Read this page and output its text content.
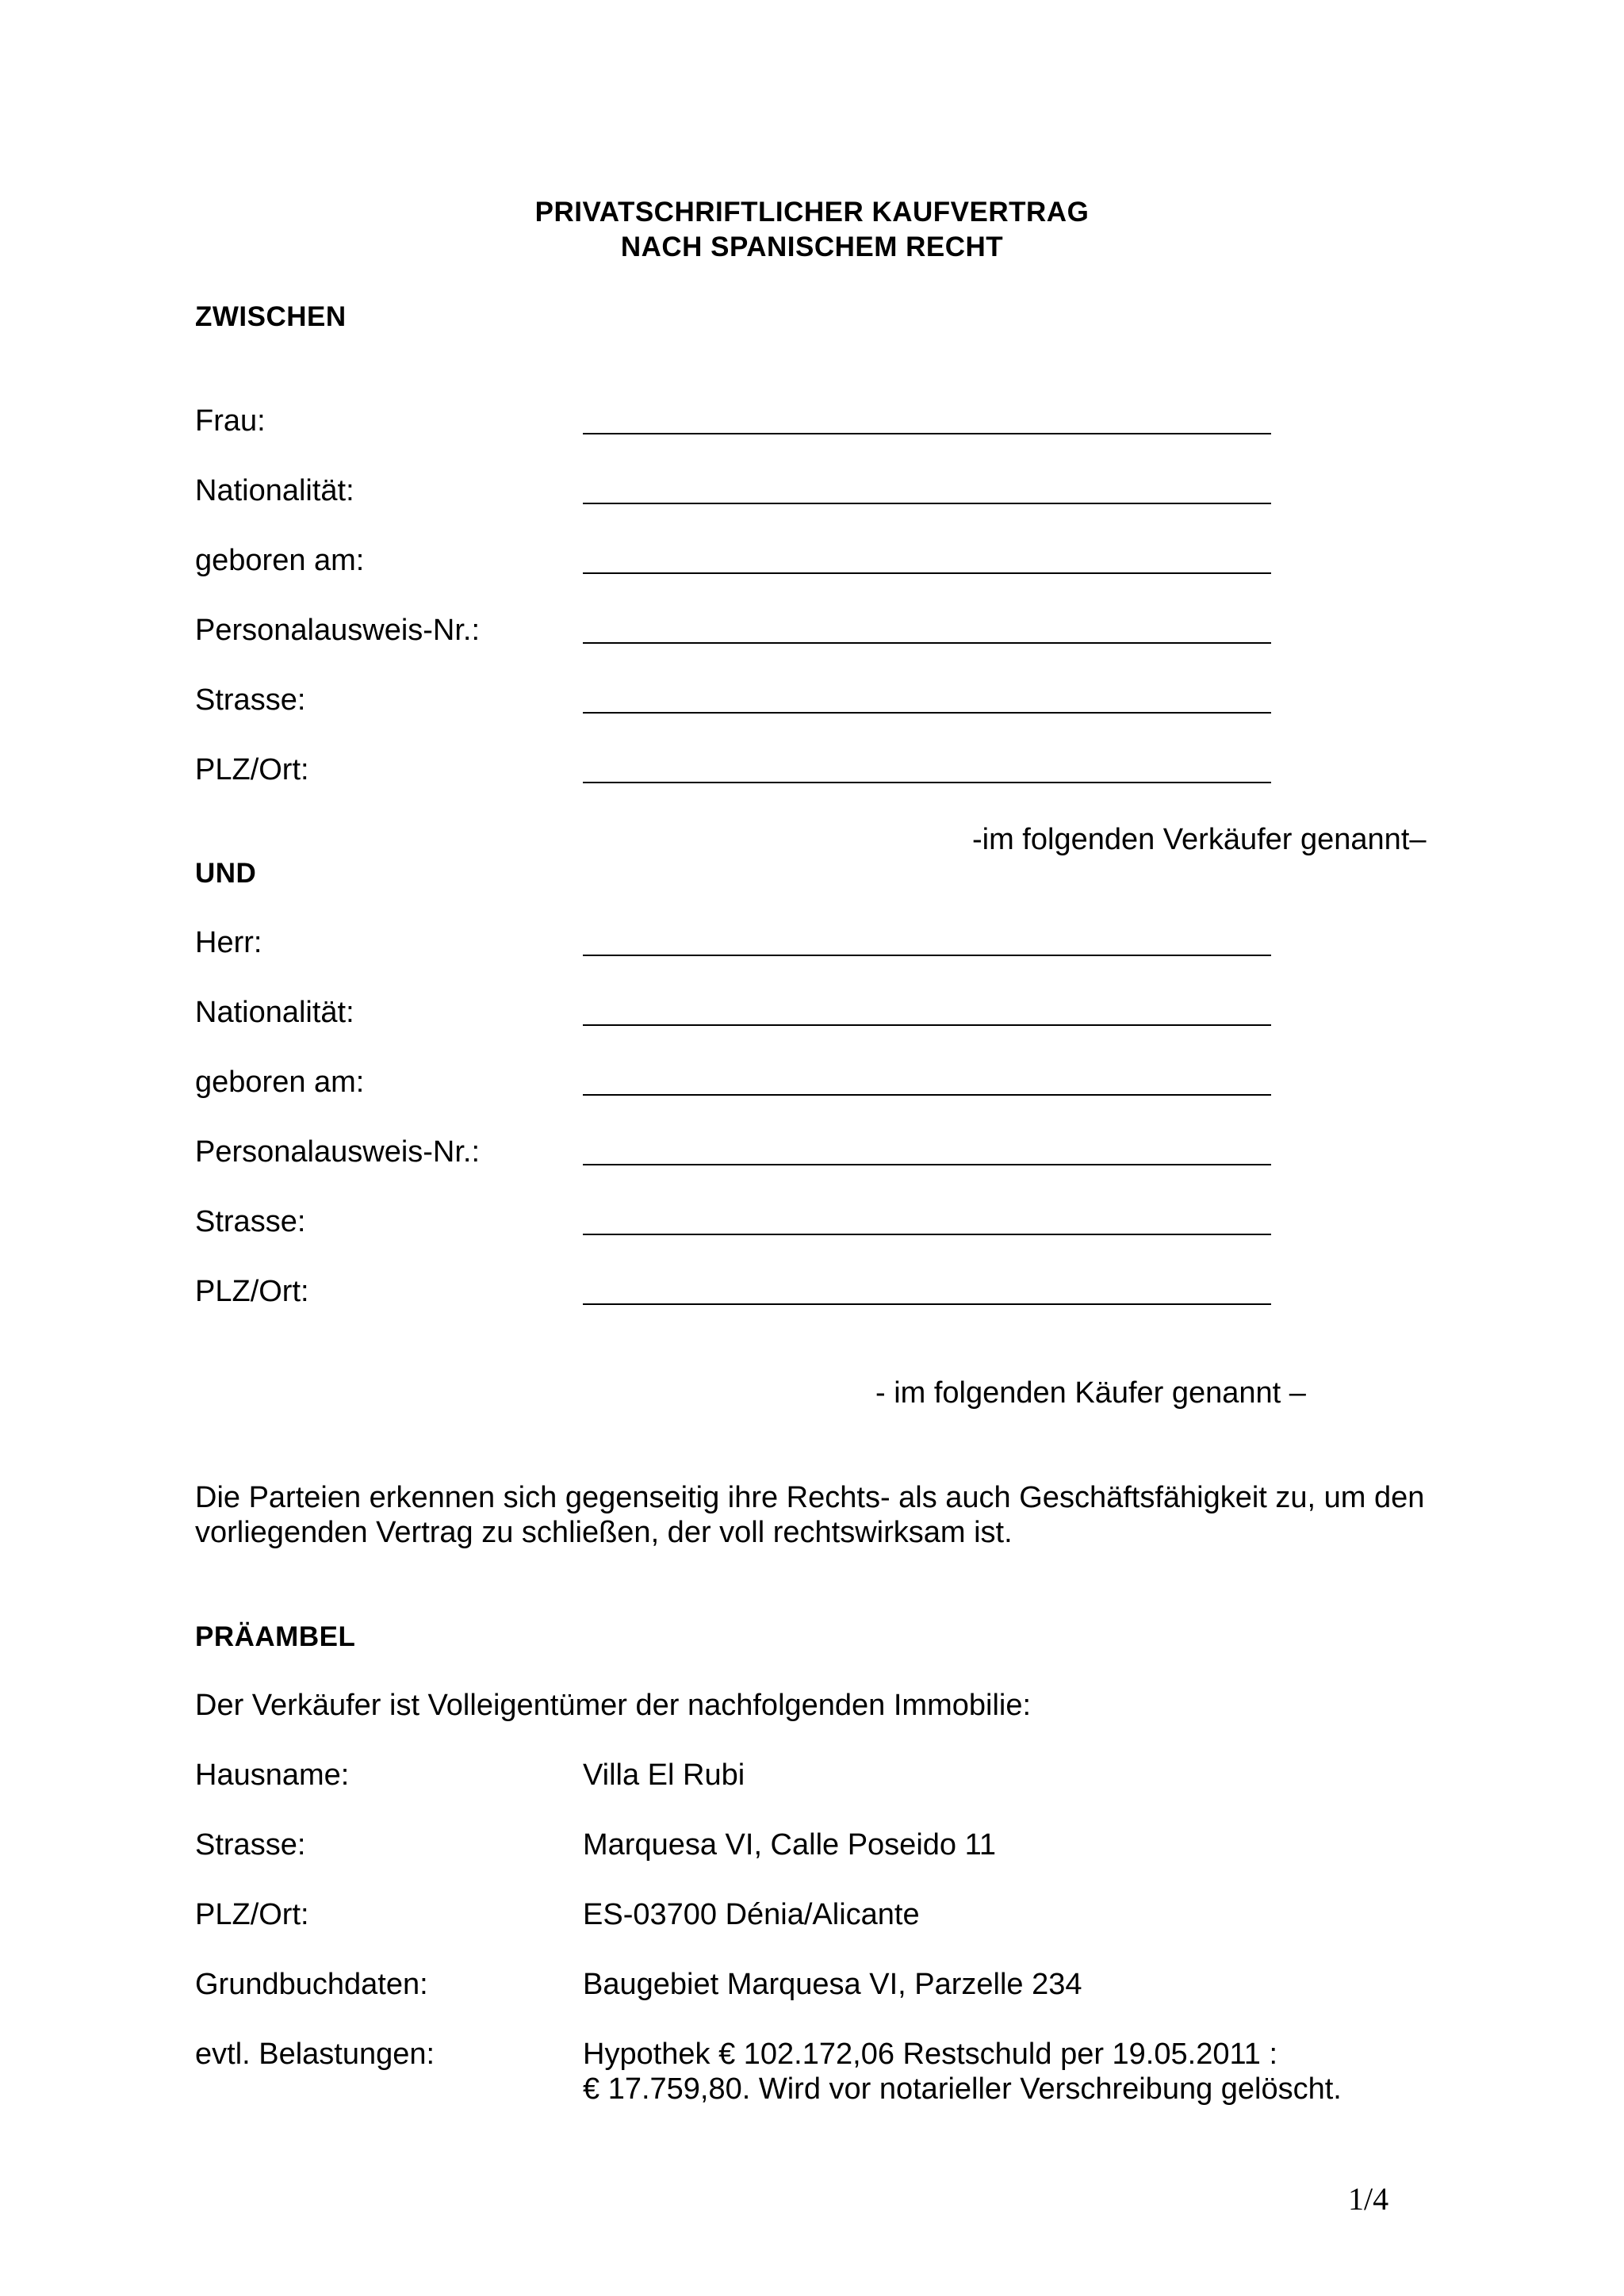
PRIVATSCHRIFTLICHER KAUFVERTRAG
NACH SPANISCHEM RECHT
ZWISCHEN
Frau:
Nationalität:
geboren am:
Personalausweis-Nr.:
Strasse:
PLZ/Ort:
-im folgenden Verkäufer genannt–
UND
Herr:
Nationalität:
geboren am:
Personalausweis-Nr.:
Strasse:
PLZ/Ort:
- im folgenden Käufer genannt –
Die Parteien erkennen sich gegenseitig ihre Rechts- als auch Geschäftsfähigkeit zu, um den
vorliegenden Vertrag zu schließen, der voll rechtswirksam ist.
PRÄAMBEL
Der Verkäufer ist Volleigentümer der nachfolgenden Immobilie:
Hausname:	Villa El Rubi
Strasse:	Marquesa VI, Calle Poseido 11
PLZ/Ort:	ES-03700 Dénia/Alicante
Grundbuchdaten:	Baugebiet Marquesa VI, Parzelle 234
evtl. Belastungen:	Hypothek € 102.172,06 Restschuld per 19.05.2011 :
€ 17.759,80. Wird vor notarieller Verschreibung gelöscht.
1/4
